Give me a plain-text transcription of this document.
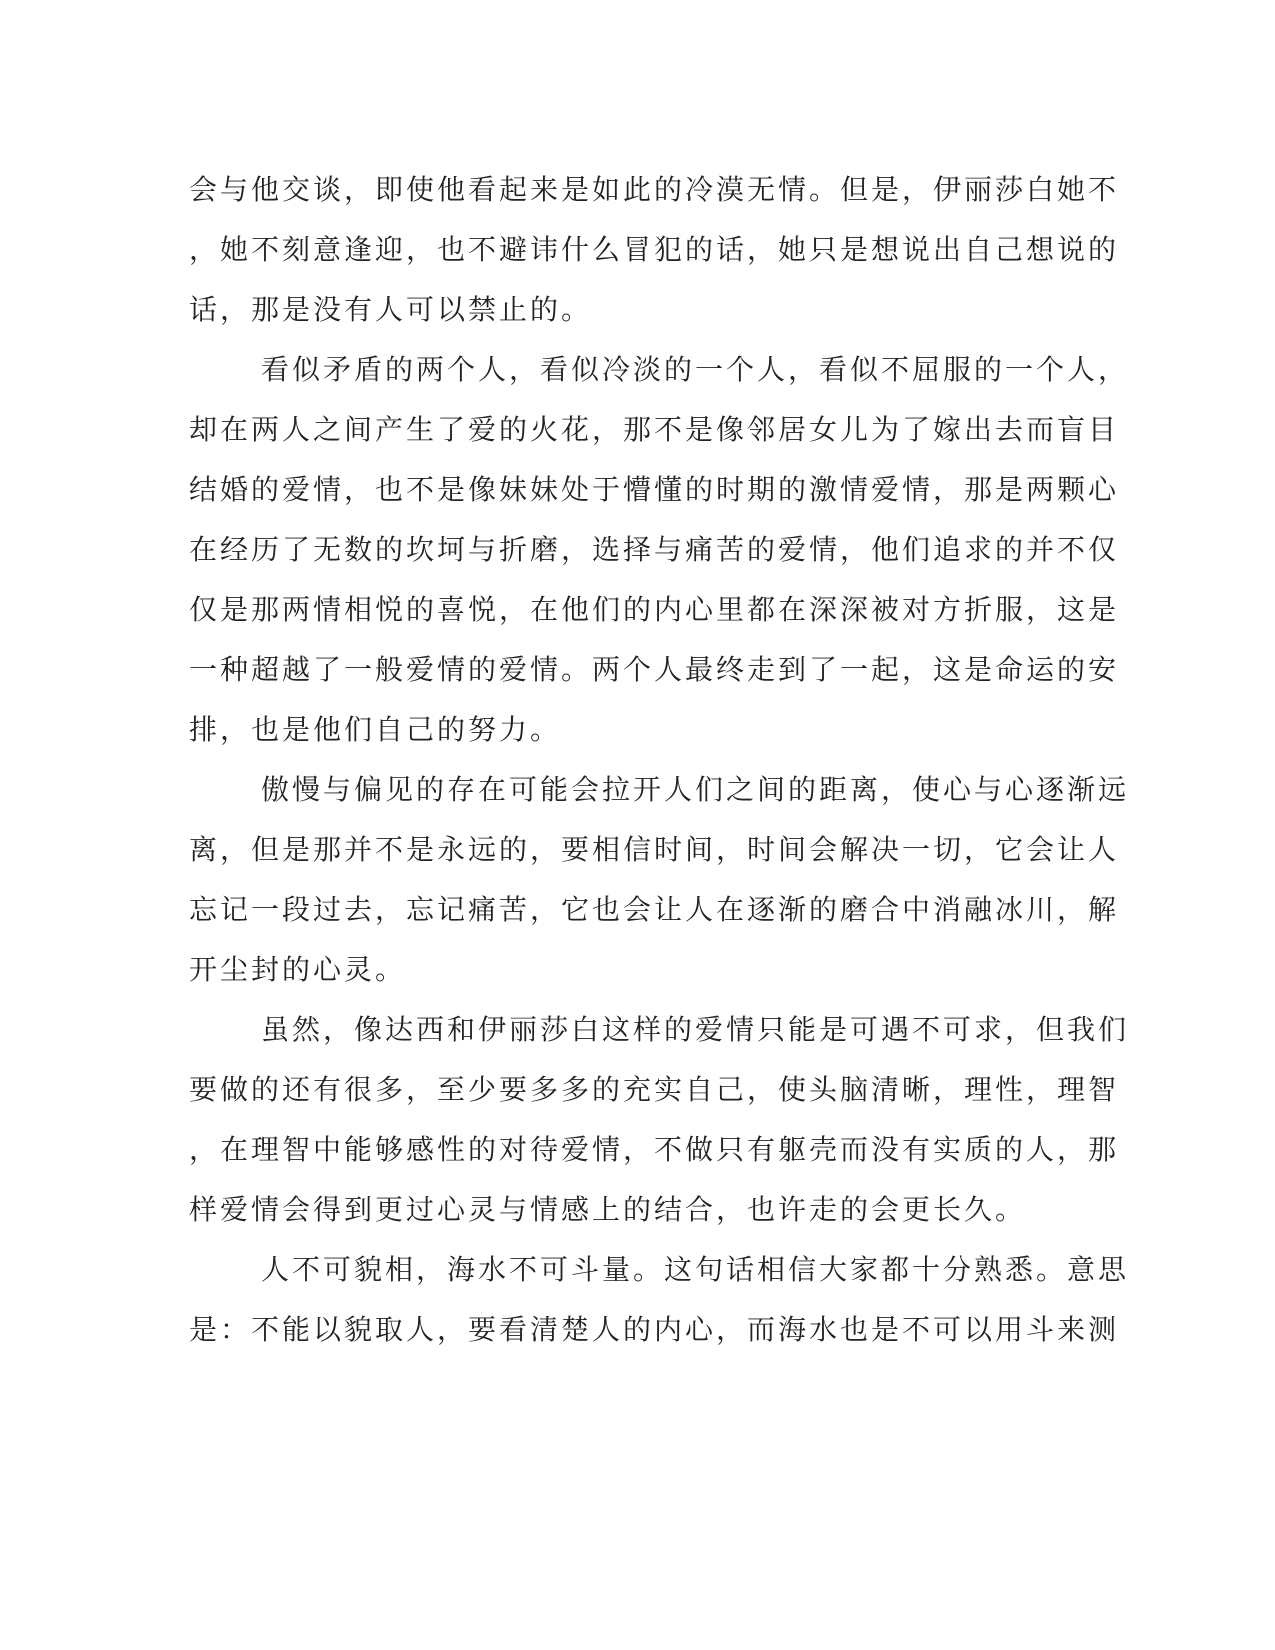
会与他交谈，即使他看起来是如此的冷漠无情。但是，伊丽莎白她不
，她不刻意逢迎，也不避讳什么冒犯的话，她只是想说出自己想说的
话，那是没有人可以禁止的。
看似矛盾的两个人，看似冷淡的一个人，看似不屈服的一个人，
却在两人之间产生了爱的火花，那不是像邻居女儿为了嫁出去而盲目
结婚的爱情，也不是像妹妹处于懵懂的时期的激情爱情，那是两颗心
在经历了无数的坎坷与折磨，选择与痛苦的爱情，他们追求的并不仅
仅是那两情相悦的喜悦，在他们的内心里都在深深被对方折服，这是
一种超越了一般爱情的爱情。两个人最终走到了一起，这是命运的安
排，也是他们自己的努力。
傲慢与偏见的存在可能会拉开人们之间的距离，使心与心逐渐远
离，但是那并不是永远的，要相信时间，时间会解决一切，它会让人
忘记一段过去，忘记痛苦，它也会让人在逐渐的磨合中消融冰川，解
开尘封的心灵。
虽然，像达西和伊丽莎白这样的爱情只能是可遇不可求，但我们
要做的还有很多，至少要多多的充实自己，使头脑清晰，理性，理智
，在理智中能够感性的对待爱情，不做只有躯壳而没有实质的人，那
样爱情会得到更过心灵与情感上的结合，也许走的会更长久。
人不可貌相，海水不可斗量。这句话相信大家都十分熟悉。意思
是：不能以貌取人，要看清楚人的内心，而海水也是不可以用斗来测
